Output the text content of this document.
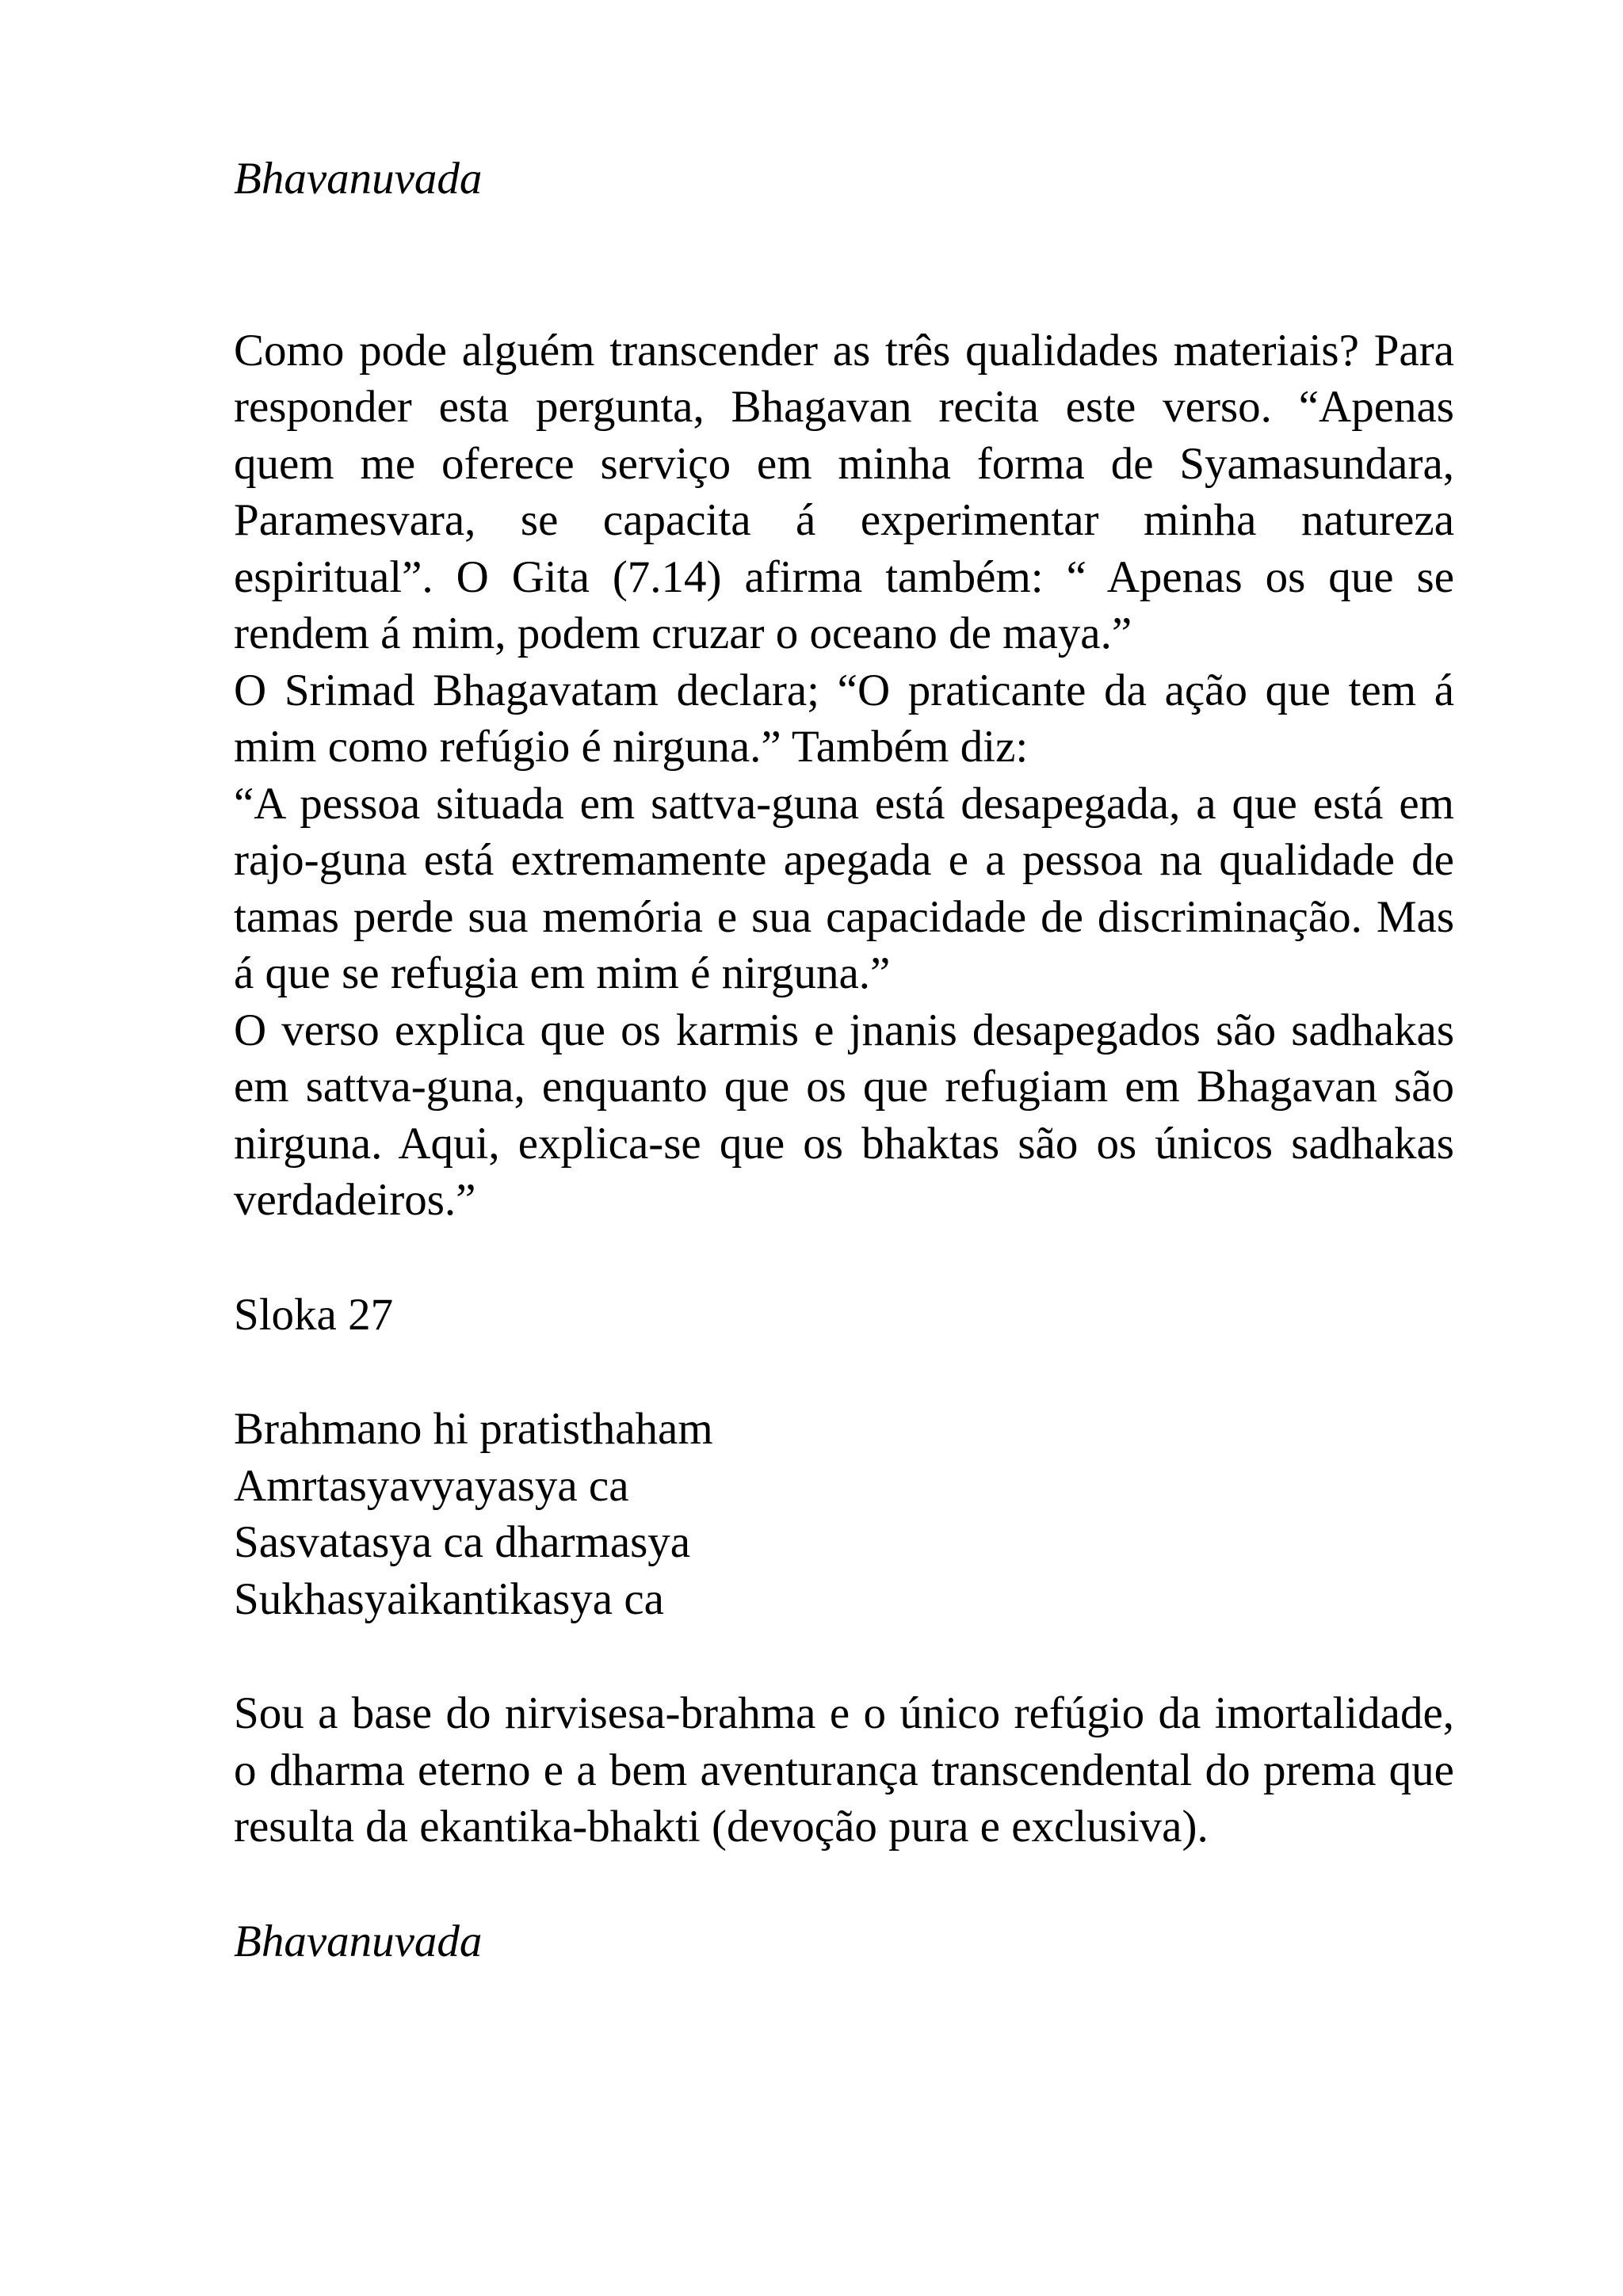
Bhavanuvada

Como pode alguém transcender as três qualidades materiais? Para responder esta pergunta, Bhagavan recita este verso. “Apenas quem me oferece serviço em minha forma de Syamasundara, Paramesvara, se capacita á experimentar minha natureza espiritual”. O Gita (7.14) afirma também: “ Apenas os que se rendem á mim, podem cruzar o oceano de maya.”

O Srimad Bhagavatam declara; “O praticante da ação que tem á mim como refúgio é nirguna.” Também diz:

“A pessoa situada em sattva-guna está desapegada, a que está em rajo-guna está extremamente apegada e a pessoa na qualidade de tamas perde sua memória e sua capacidade de discriminação. Mas á que se refugia em mim é nirguna.”

O verso explica que os karmis e jnanis desapegados são sadhakas em sattva-guna, enquanto que os que refugiam em Bhagavan são nirguna. Aqui, explica-se que os bhaktas são os únicos sadhakas verdadeiros.”

Sloka 27

Brahmano hi pratisthaham

Amrtasyavyayasya ca

Sasvatasya ca dharmasya

Sukhasyaikantikasya ca

Sou a base do nirvisesa-brahma e o único refúgio da imortalidade, o dharma eterno e a bem aventurança transcendental do prema que resulta da ekantika-bhakti (devoção pura e exclusiva).

Bhavanuvada
